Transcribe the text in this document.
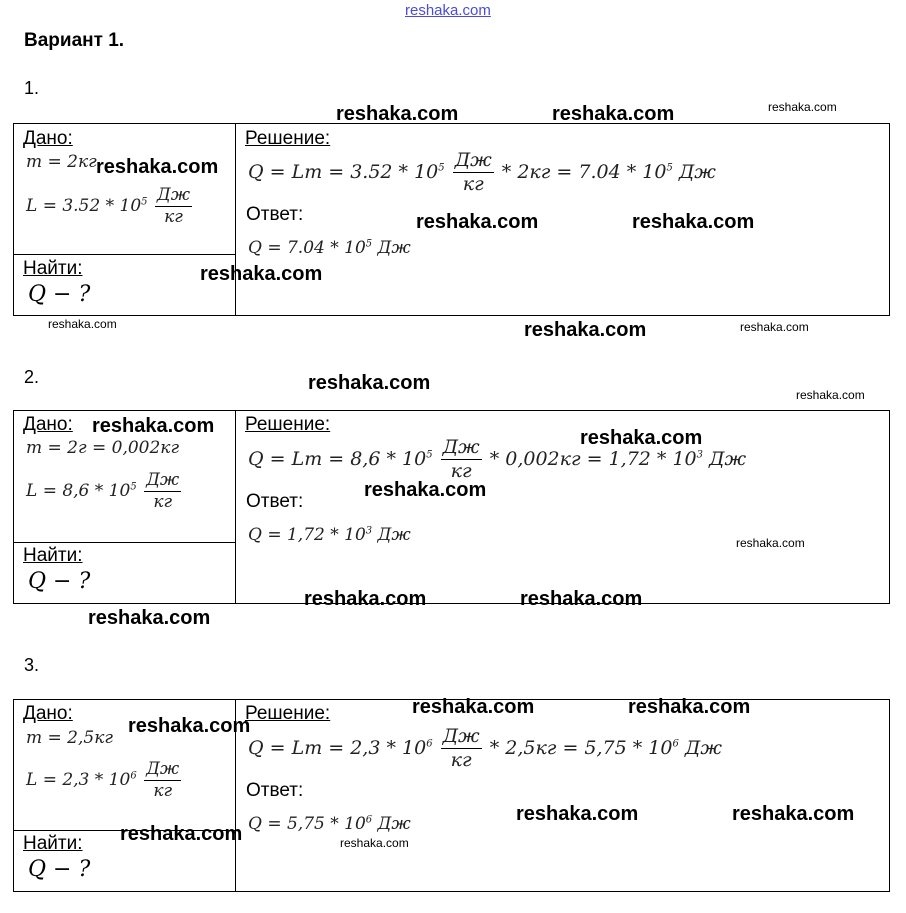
reshaka.com
Вариант 1.
1.
Дано:
m = 2кг
$L = 3.52 * 10^5 \frac{Дж}{кг}$
Найти:
Q − ?
Решение:
$Q = Lm = 3.52 * 10^5 \frac{Дж}{кг} * 2кг = 7.04 * 10^5$ Дж
Ответ:
$Q = 7.04 * 10^5$ Дж
2.
Дано:
m = 2г = 0,002кг
$L = 8,6 * 10^5 \frac{Дж}{кг}$
Найти:
Q − ?
Решение:
$Q = Lm = 8,6 * 10^5 \frac{Дж}{кг} * 0,002кг = 1,72 * 10^3$ Дж
Ответ:
$Q = 1,72 * 10^3$ Дж
3.
Дано:
m = 2,5кг
$L = 2,3 * 10^6 \frac{Дж}{кг}$
Найти:
Q − ?
Решение:
$Q = Lm = 2,3 * 10^6 \frac{Дж}{кг} * 2,5кг = 5,75 * 10^6$ Дж
Ответ:
$Q = 5,75 * 10^6$ Дж
reshaka.com	reshaka.com	reshaka.com
reshaka.com
reshaka.com	reshaka.com
reshaka.com
reshaka.com	reshaka.com	reshaka.com
reshaka.com
reshaka.com
reshaka.com
reshaka.com
reshaka.com
reshaka.com
reshaka.com	reshaka.com
reshaka.com
reshaka.com	reshaka.com
reshaka.com
reshaka.com	reshaka.com
reshaka.com	reshaka.com
